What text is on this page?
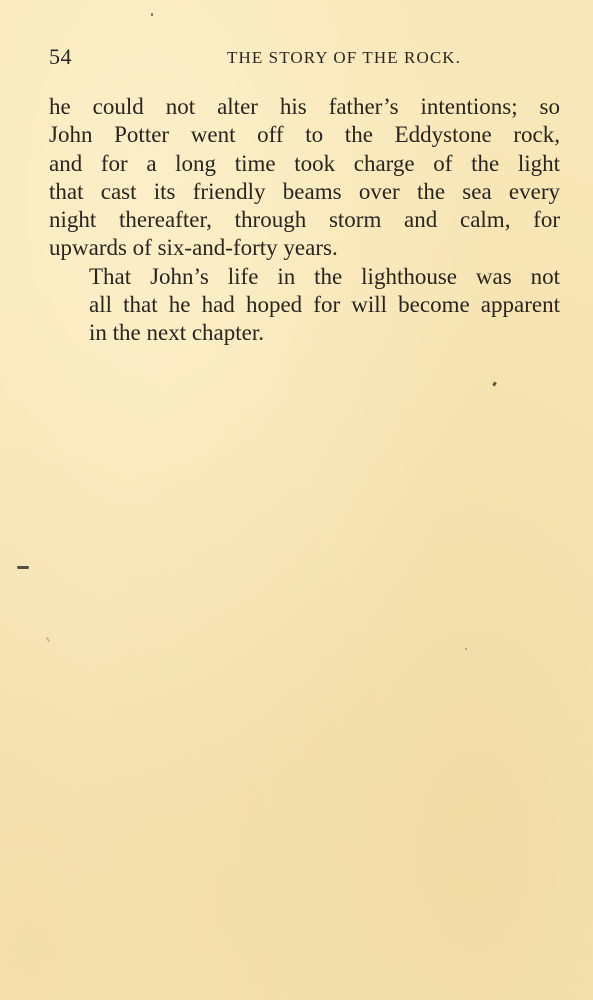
54	THE STORY OF THE ROCK.

he could not alter his father’s intentions; so
John Potter went off to the Eddystone rock,
and for a long time took charge of the light
that cast its friendly beams over the sea every
night thereafter, through storm and calm, for
upwards of six-and-forty years.

That John’s life in the lighthouse was not
all that he had hoped for will become apparent
in the next chapter.
